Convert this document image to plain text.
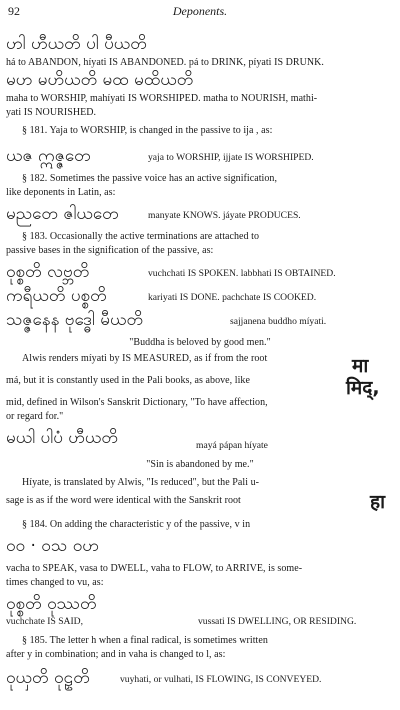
92	Deponents.
ဟါ ဟီယတိ ပါ ပီယတိ
há to ABANDON, híyati IS ABANDONED. pá to DRINK, píyati IS DRUNK.
မဟ မဟိယတိ မထ မထိယတိ
maha to WORSHIP, mahíyati IS WORSHIPED. matha to NOURISH, mathi-
yati IS NOURISHED.
§ 181. Yaja to WORSHIP, is changed in the passive to ija , as:
ယဇ ဣဇ္ဇတေ	yaja to WORSHIP, ijjate IS WORSHIPED.
§ 182. Sometimes the passive voice has an active signification,
like deponents in Latin, as:
မညတေ ဇါယတေ	manyate KNOWS. jáyate PRODUCES.
§ 183. Occasionally the active terminations are attached to
passive bases in the signification of the passive, as:
ဝုစ္စတိ လဗ္ဘတိ	vuchchati IS SPOKEN. labbhati IS OBTAINED.
ကရီယတိ ပစ္စတိ	kariyati IS DONE. pachchate IS COOKED.
သဇ္ဇနေန ဗုဒ္ဓေါ မီယတိ	sajjanena buddho míyati.
"Buddha is beloved by good men."
Alwis renders míyati by IS MEASURED, as if from the root	मा
má, but it is constantly used in the Pali books, as above, like	मिद्,
mid, defined in Wilson's Sanskrit Dictionary, "To have affection,
or regard for."
မယါ ပါပံ ဟီယတိ	mayá pápan híyate
"Sin is abandoned by me."
Híyate, is translated by Alwis, "Is reduced", but the Pali u-
sage is as if the word were identical with the Sanskrit root	हा
§ 184. On adding the characteristic y of the passive, v in
ဝဝ · ဝသ ဝဟ
vacha to SPEAK, vasa to DWELL, vaha to FLOW, to ARRIVE, is some-
times changed to vu, as:
ဝုစ္စတိ ဝုဿတိ
vuchchate IS SAID,	vussati IS DWELLING, OR RESIDING.
§ 185. The letter h when a final radical, is sometimes written
after y in combination; and in vaha is changed to l, as:
ဝုယှတိ ဝုဠှတိ	vuyhati, or vulhati, IS FLOWING, IS CONVEYED.
